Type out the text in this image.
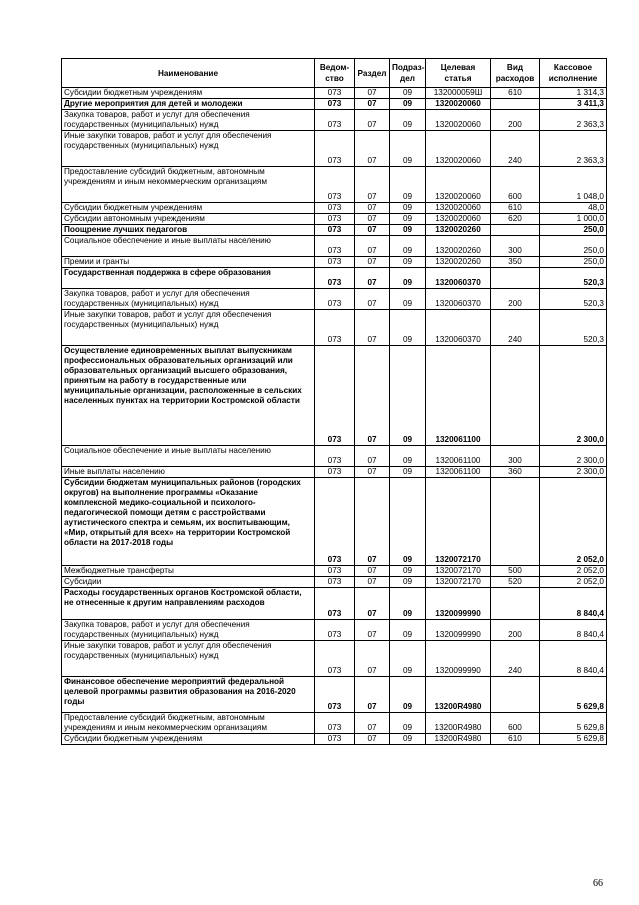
Наименование	Ведом-ство	Раздел	Подраз-дел	Целевая статья	Вид расходов	Кассовое исполнение
Субсидии бюджетным учреждениям	073	07	09	132000059Ш	610	1 314,3
Другие мероприятия для детей и молодежи	073	07	09	1320020060		3 411,3
Закупка товаров, работ и услуг для обеспечения государственных (муниципальных) нужд	073	07	09	1320020060	200	2 363,3
Иные закупки товаров, работ и услуг для обеспечения государственных (муниципальных) нужд	073	07	09	1320020060	240	2 363,3
Предоставление субсидий бюджетным, автономным учреждениям и иным некоммерческим организациям	073	07	09	1320020060	600	1 048,0
Субсидии бюджетным учреждениям	073	07	09	1320020060	610	48,0
Субсидии автономным учреждениям	073	07	09	1320020060	620	1 000,0
Поощрение лучших педагогов	073	07	09	1320020260		250,0
Социальное обеспечение и иные выплаты населению	073	07	09	1320020260	300	250,0
Премии и гранты	073	07	09	1320020260	350	250,0
Государственная поддержка в сфере образования	073	07	09	1320060370		520,3
Закупка товаров, работ и услуг для обеспечения государственных (муниципальных) нужд	073	07	09	1320060370	200	520,3
Иные закупки товаров, работ и услуг для обеспечения государственных (муниципальных) нужд	073	07	09	1320060370	240	520,3
Осуществление единовременных выплат выпускникам профессиональных образовательных организаций или образовательных организаций высшего образования, принятым на работу в государственные или муниципальные организации, расположенные в сельских населенных пунктах на территории Костромской области	073	07	09	1320061100		2 300,0
Социальное обеспечение и иные выплаты населению	073	07	09	1320061100	300	2 300,0
Иные выплаты населению	073	07	09	1320061100	360	2 300,0
Субсидии бюджетам муниципальных районов (городских округов) на выполнение программы «Оказание комплексной медико-социальной и психолого-педагогической помощи детям с расстройствами аутистического спектра и семьям, их воспитывающим, «Мир, открытый для всех» на территории Костромской области на 2017-2018 годы	073	07	09	1320072170		2 052,0
Межбюджетные трансферты	073	07	09	1320072170	500	2 052,0
Субсидии	073	07	09	1320072170	520	2 052,0
Расходы государственных органов Костромской области, не отнесенные к другим направлениям расходов	073	07	09	1320099990		8 840,4
Закупка товаров, работ и услуг для обеспечения государственных (муниципальных) нужд	073	07	09	1320099990	200	8 840,4
Иные закупки товаров, работ и услуг для обеспечения государственных (муниципальных) нужд	073	07	09	1320099990	240	8 840,4
Финансовое обеспечение мероприятий федеральной целевой программы развития образования на 2016-2020 годы	073	07	09	13200R4980		5 629,8
Предоставление субсидий бюджетным, автономным учреждениям и иным некоммерческим организациям	073	07	09	13200R4980	600	5 629,8
Субсидии бюджетным учреждениям	073	07	09	13200R4980	610	5 629,8
66
